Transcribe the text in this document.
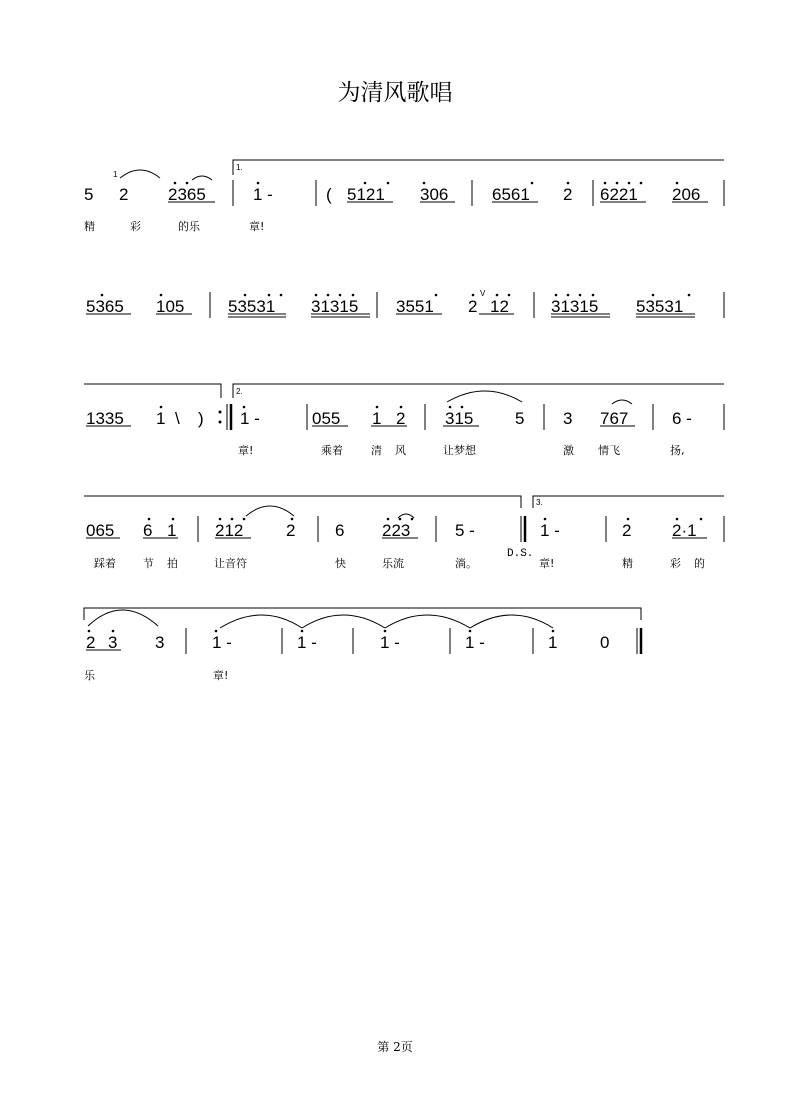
为清风歌唱
5
1
2 2365	1 -	( 5121 306	6561 2 6221 206
1.
精	彩	的乐	章!
5365 105	53531 31315 3551 2
V
12 31315 53531
1335 1 \ ) 1 -	055 1 2 315 5 3 767	6 -
2.
章!	乘着	清 风	让梦想	激 情飞	扬,
065 6 1 212	2 6 223	5 -	1 -	2 2·1
3.
D.S.
踩着 节 拍	让音符	快	乐流	淌。	章!	精	彩 的
2 3 3	1 -	1 -	1 -	1 -	1	0
乐	章!
第 2页
